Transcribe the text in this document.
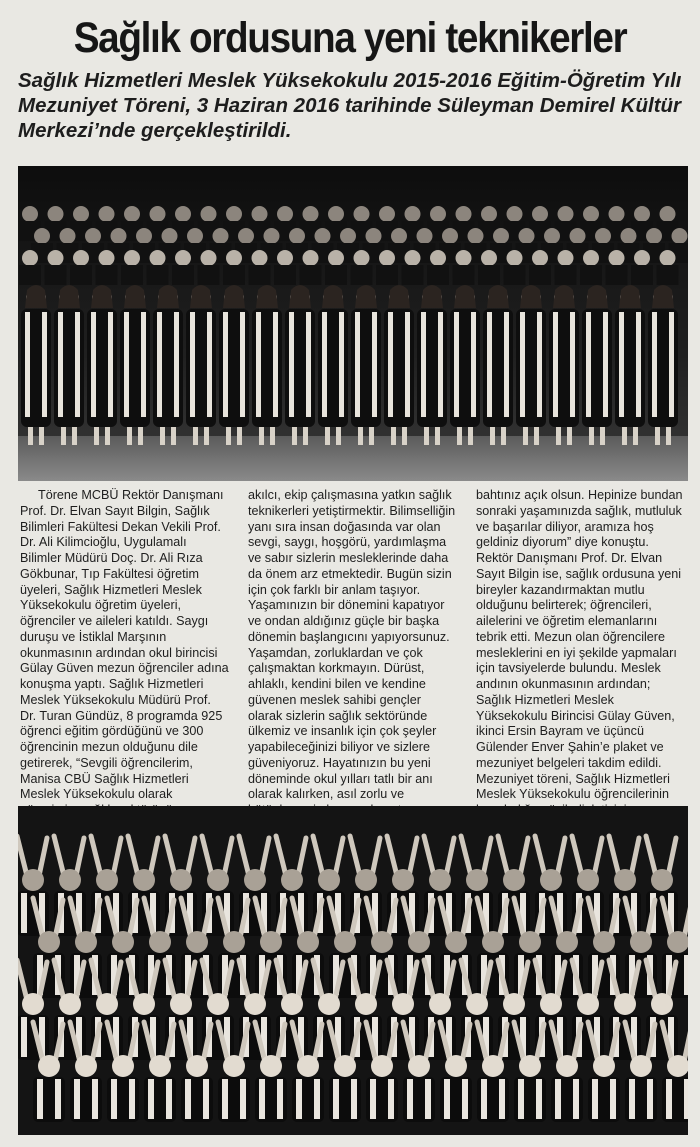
Sağlık ordusuna yeni teknikerler
Sağlık Hizmetleri Meslek Yüksekokulu 2015-2016 Eğitim-Öğretim Yılı Mezuniyet Töreni, 3 Haziran 2016 tarihinde Süleyman Demirel Kültür Merkezi’nde gerçekleştirildi.

Törene MCBÜ Rektör Danışmanı Prof. Dr. Elvan Sayıt Bilgin, Sağlık Bilimleri Fakültesi Dekan Vekili Prof. Dr. Ali Kilimcioğlu, Uygulamalı Bilimler Müdürü Doç. Dr. Ali Rıza Gökbunar, Tıp Fakültesi öğretim üyeleri, Sağlık Hizmetleri Meslek Yüksekokulu öğretim üyeleri, öğrenciler ve aileleri katıldı. Saygı duruşu ve İstiklal Marşının okunmasının ardından okul birincisi Gülay Güven mezun öğrenciler adına konuşma yaptı. Sağlık Hizmetleri Meslek Yüksekokulu Müdürü Prof. Dr. Turan Gündüz, 8 programda 925 öğrenci eğitim gördüğünü ve 300 öğrencinin mezun olduğunu dile getirerek, “Sevgili öğrencilerim, Manisa CBÜ Sağlık Hizmetleri Meslek Yüksekokulu olarak

akılcı, ekip çalışmasına yatkın sağlık teknikerleri yetiştirmektir. Bilimselliğin yanı sıra insan doğasında var olan sevgi, saygı, hoşgörü, yardımlaşma ve sabır sizlerin mesleklerinde daha da önem arz etmektedir. Bugün sizin için çok farklı bir anlam taşıyor. Yaşamınızın bir dönemini kapatıyor ve ondan aldığınız güçle bir başka dönemin başlangıcını yapıyorsunuz. Yaşamdan, zorluklardan ve çok çalışmaktan korkmayın. Dürüst, ahlaklı, kendini bilen ve kendine güvenen meslek sahibi gençler olarak sizlerin sağlık sektöründe ülkemiz ve insanlık için çok şeyler yapabileceğinizi biliyor ve sizlere güveniyoruz. Hayatınızın bu yeni döneminde okul yılları tatlı bir anı olarak kalırken, asıl zorlu ve

bahtınız açık olsun. Hepinize bundan sonraki yaşamınızda sağlık, mutluluk ve başarılar diliyor, aramıza hoş geldiniz diyorum” diye konuştu. Rektör Danışmanı Prof. Dr. Elvan Sayıt Bilgin ise, sağlık ordusuna yeni bireyler kazandırmaktan mutlu olduğunu belirterek; öğrencileri, ailelerini ve öğretim elemanlarını tebrik etti. Mezun olan öğrencilere mesleklerini en iyi şekilde yapmaları için tavsiyelerde bulundu. Meslek andının okunmasının ardından; Sağlık Hizmetleri Meslek Yüksekokulu Birincisi Gülay Güven, ikinci Ersin Bayram ve üçüncü Gülender Enver Şahin’e plaket ve mezuniyet belgeleri takdim edildi. Mezuniyet töreni, Sağlık Hizmetleri Meslek Yüksekokulu öğrencilerinin
